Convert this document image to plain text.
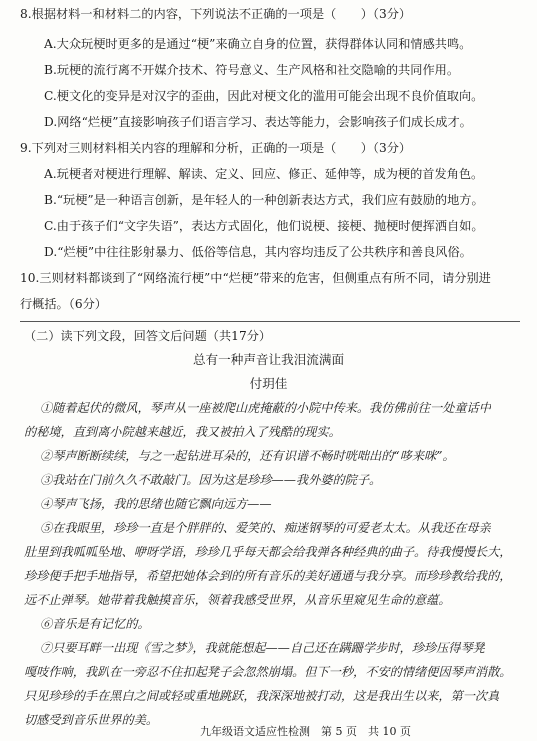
8.根据材料一和材料二的内容，下列说法不正确的一项是（　　）（3分）
A.大众玩梗时更多的是通过“梗”来确立自身的位置，获得群体认同和情感共鸣。
B.玩梗的流行离不开媒介技术、符号意义、生产风格和社交隐喻的共同作用。
C.梗文化的变异是对汉字的歪曲，因此对梗文化的滥用可能会出现不良价值取向。
D.网络“烂梗”直接影响孩子们语言学习、表达等能力，会影响孩子们成长成才。
9.下列对三则材料相关内容的理解和分析，正确的一项是（　　）（3分）
A.玩梗者对梗进行理解、解读、定义、回应、修正、延伸等，成为梗的首发角色。
B.“玩梗”是一种语言创新，是年轻人的一种创新表达方式，我们应有鼓励的地方。
C.由于孩子们“文字失语”，表达方式固化，他们说梗、接梗、抛梗时便挥洒自如。
D.“烂梗”中往往影射暴力、低俗等信息，其内容均违反了公共秩序和善良风俗。
10.三则材料都谈到了“网络流行梗”中“烂梗”带来的危害，但侧重点有所不同，请分别进
行概括。（6分）
（二）读下列文段，回答文后问题（共17分）
总有一种声音让我泪流满面
付玥佳
①随着起伏的微风，琴声从一座被爬山虎掩蔽的小院中传来。我仿佛前往一处童话中
的秘境，直到离小院越来越近，我又被拍入了残酷的现实。
②琴声断断续续，与之一起钻进耳朵的，还有识谱不畅时咣咄出的“哆来咪”。
③我站在门前久久不敢敲门。因为这是珍珍——我外婆的院子。
④琴声飞扬，我的思绪也随它飘向远方——
⑤在我眼里，珍珍一直是个胖胖的、爱笑的、痴迷钢琴的可爱老太太。从我还在母亲
肚里到我呱呱坠地、咿呀学语，珍珍几乎每天都会给我弹各种经典的曲子。待我慢慢长大，
珍珍便手把手地指导，希望把她体会到的所有音乐的美好通通与我分享。而珍珍教给我的，
远不止弹琴。她带着我触摸音乐，领着我感受世界，从音乐里窥见生命的意蕴。
⑥音乐是有记忆的。
⑦只要耳畔一出现《雪之梦》，我就能想起——自己还在蹒跚学步时，珍珍压得琴凳
嘎吱作响，我趴在一旁忍不住扣起凳子会忽然崩塌。但下一秒，不安的情绪便因琴声消散。
只见珍珍的手在黑白之间或轻或重地跳跃，我深深地被打动，这是我出生以来，第一次真
切感受到音乐世界的美。
九年级语文适应性检测　第 5 页　共 10 页
